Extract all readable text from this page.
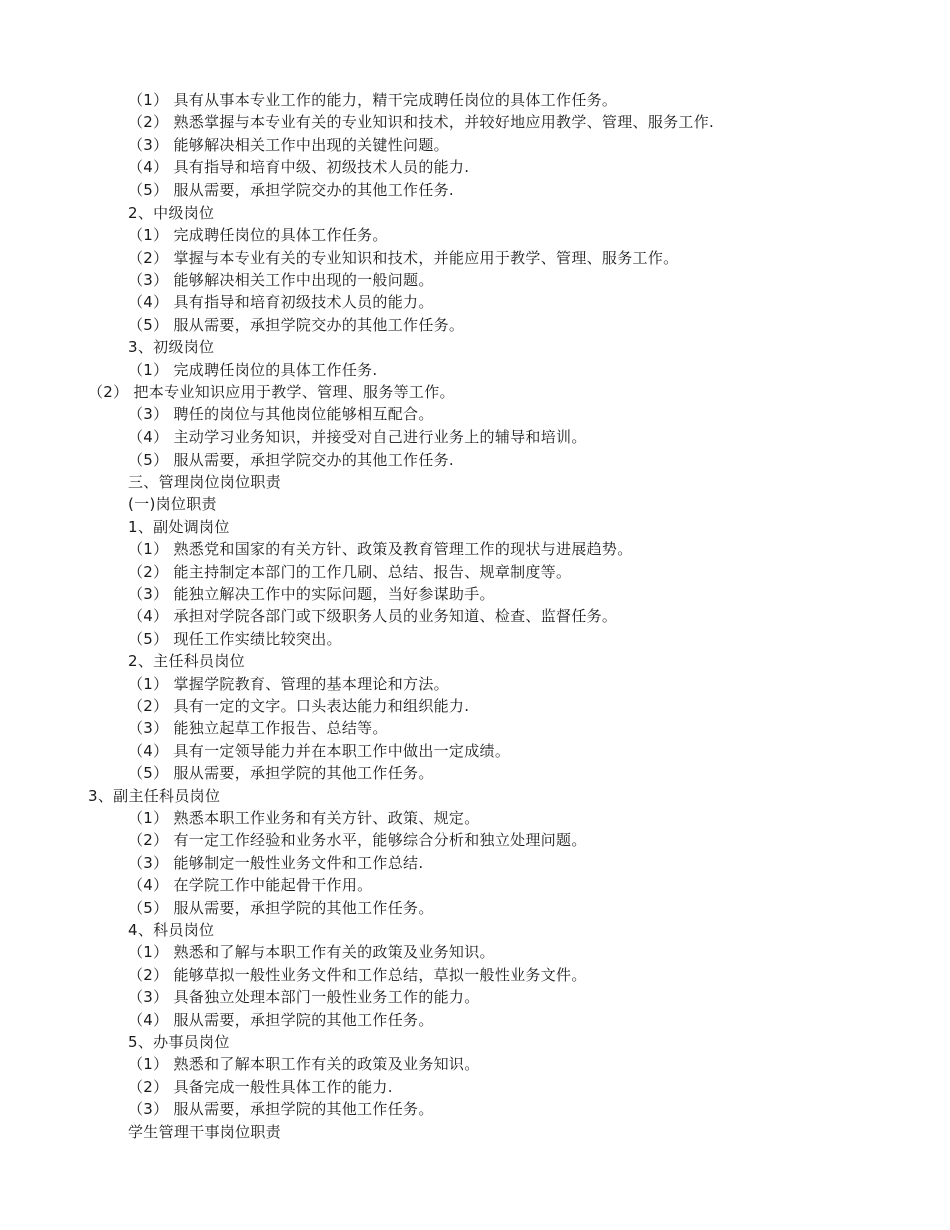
（1） 具有从事本专业工作的能力，精干完成聘任岗位的具体工作任务。
（2） 熟悉掌握与本专业有关的专业知识和技术，并较好地应用教学、管理、服务工作.
（3） 能够解决相关工作中出现的关键性问题。
（4） 具有指导和培育中级、初级技术人员的能力.
（5） 服从需要，承担学院交办的其他工作任务.
2、中级岗位
（1） 完成聘任岗位的具体工作任务。
（2） 掌握与本专业有关的专业知识和技术，并能应用于教学、管理、服务工作。
（3） 能够解决相关工作中出现的一般问题。
（4） 具有指导和培育初级技术人员的能力。
（5） 服从需要，承担学院交办的其他工作任务。
3、初级岗位
（1） 完成聘任岗位的具体工作任务.
（2） 把本专业知识应用于教学、管理、服务等工作。
（3） 聘任的岗位与其他岗位能够相互配合。
（4） 主动学习业务知识，并接受对自己进行业务上的辅导和培训。
（5） 服从需要，承担学院交办的其他工作任务.
三、管理岗位岗位职责
(一)岗位职责
1、副处调岗位
（1） 熟悉党和国家的有关方针、政策及教育管理工作的现状与进展趋势。
（2） 能主持制定本部门的工作几刷、总结、报告、规章制度等。
（3） 能独立解决工作中的实际问题，当好参谋助手。
（4） 承担对学院各部门或下级职务人员的业务知道、检查、监督任务。
（5） 现任工作实绩比较突出。
2、主任科员岗位
（1） 掌握学院教育、管理的基本理论和方法。
（2） 具有一定的文字。口头表达能力和组织能力.
（3） 能独立起草工作报告、总结等。
（4） 具有一定领导能力并在本职工作中做出一定成绩。
（5） 服从需要，承担学院的其他工作任务。
3、副主任科员岗位
（1） 熟悉本职工作业务和有关方针、政策、规定。
（2） 有一定工作经验和业务水平，能够综合分析和独立处理问题。
（3） 能够制定一般性业务文件和工作总结.
（4） 在学院工作中能起骨干作用。
（5） 服从需要，承担学院的其他工作任务。
4、科员岗位
（1） 熟悉和了解与本职工作有关的政策及业务知识。
（2） 能够草拟一般性业务文件和工作总结，草拟一般性业务文件。
（3） 具备独立处理本部门一般性业务工作的能力。
（4） 服从需要，承担学院的其他工作任务。
5、办事员岗位
（1） 熟悉和了解本职工作有关的政策及业务知识。
（2） 具备完成一般性具体工作的能力.
（3） 服从需要，承担学院的其他工作任务。
学生管理干事岗位职责
